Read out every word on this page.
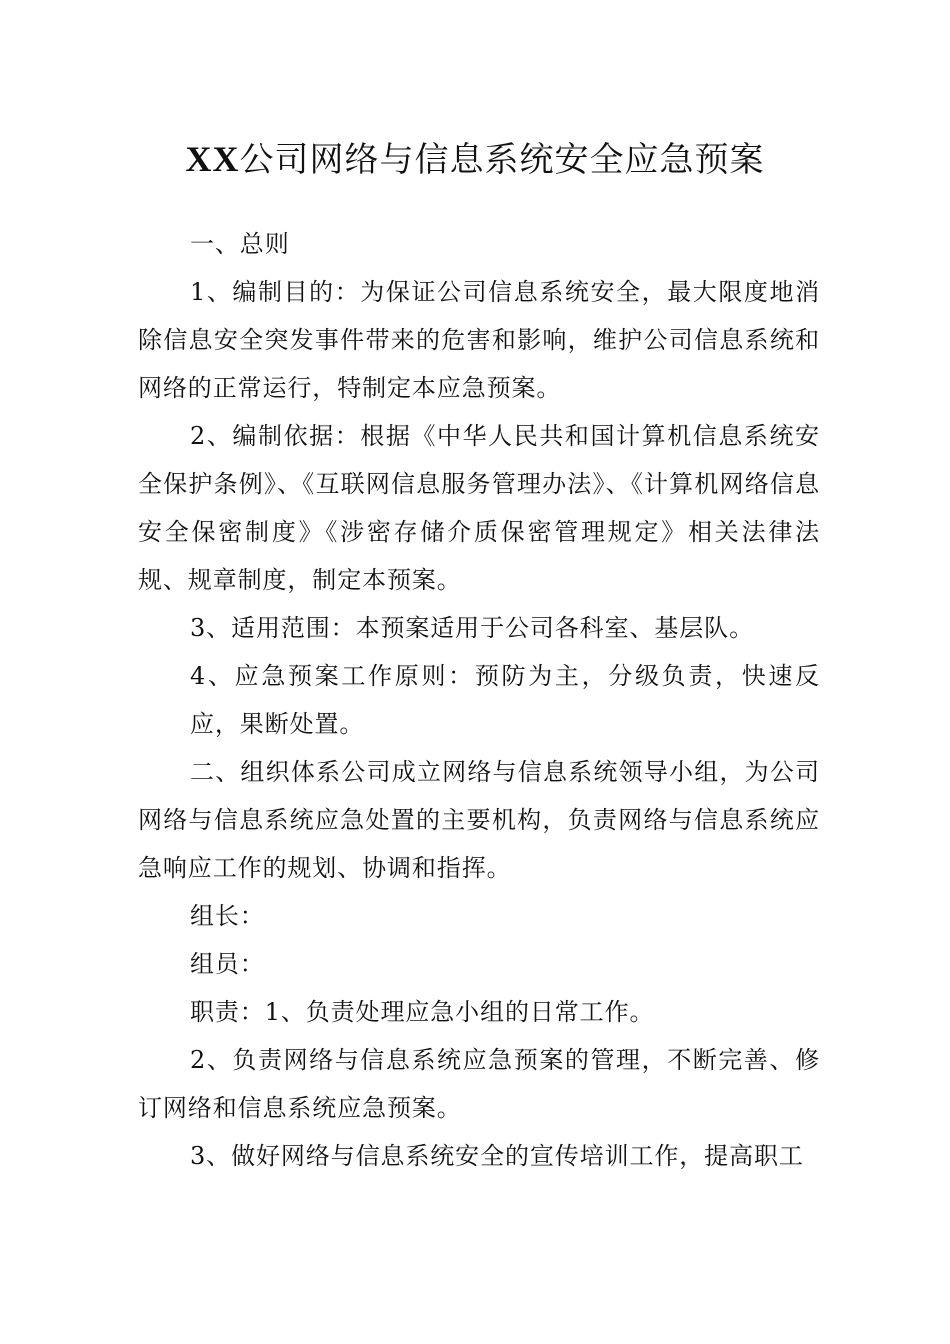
XX公司网络与信息系统安全应急预案

一、总则

1、编制目的：为保证公司信息系统安全，最大限度地消除信息安全突发事件带来的危害和影响，维护公司信息系统和网络的正常运行，特制定本应急预案。

2、编制依据：根据《中华人民共和国计算机信息系统安全保护条例》、《互联网信息服务管理办法》、《计算机网络信息安全保密制度》《涉密存储介质保密管理规定》相关法律法规、规章制度，制定本预案。

3、适用范围：本预案适用于公司各科室、基层队。

4、应急预案工作原则：预防为主，分级负责，快速反应，果断处置。

二、组织体系公司成立网络与信息系统领导小组，为公司网络与信息系统应急处置的主要机构，负责网络与信息系统应急响应工作的规划、协调和指挥。

组长：

组员：

职责：1、负责处理应急小组的日常工作。

2、负责网络与信息系统应急预案的管理，不断完善、修订网络和信息系统应急预案。

3、做好网络与信息系统安全的宣传培训工作，提高职工
